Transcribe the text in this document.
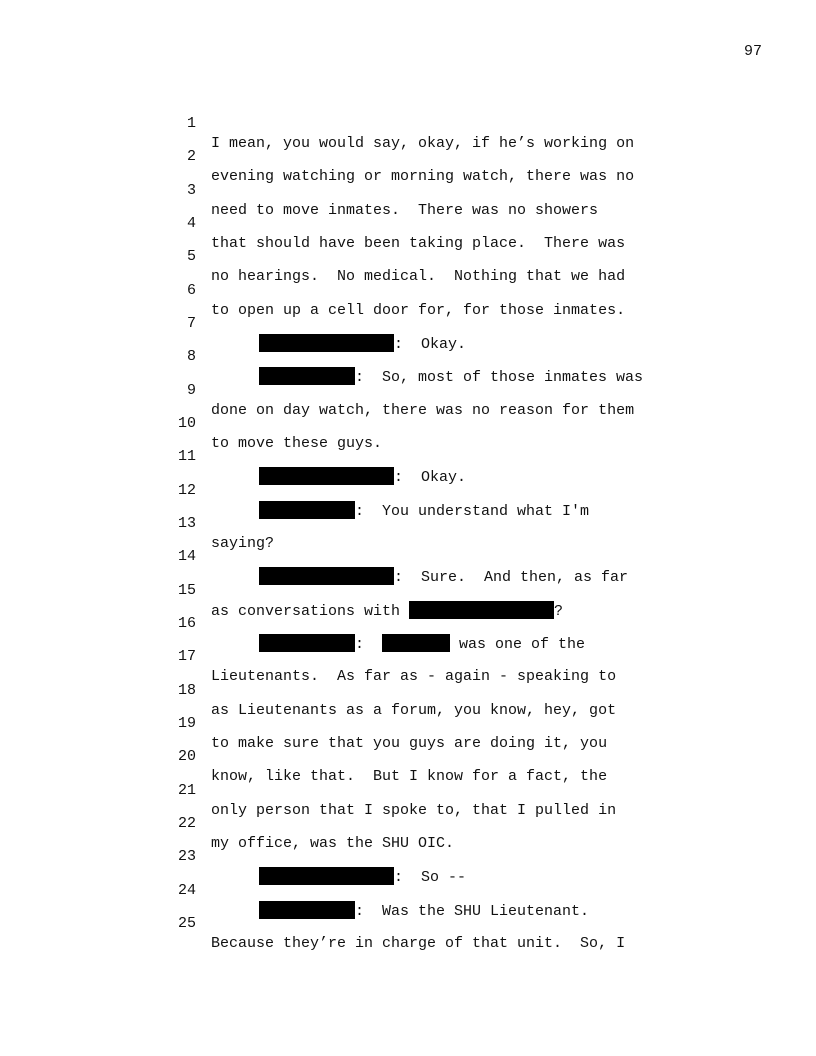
97

1

I mean, you would say, okay, if he’s working on

2

evening watching or morning watch, there was no

3

need to move inmates.  There was no showers

4

that should have been taking place.  There was

5

no hearings.  No medical.  Nothing that we had

6

to open up a cell door for, for those inmates.

7

:  Okay.

8

:  So, most of those inmates was

9

done on day watch, there was no reason for them

10

to move these guys.

11

:  Okay.

12

:  You understand what I'm

13

saying?

14

:  Sure.  And then, as far

15

as conversations with	?

16

:	was one of the

17

Lieutenants.  As far as - again - speaking to

18

as Lieutenants as a forum, you know, hey, got

19

to make sure that you guys are doing it, you

20

know, like that.  But I know for a fact, the

21

only person that I spoke to, that I pulled in

22

my office, was the SHU OIC.

23

:  So --

24

:  Was the SHU Lieutenant.

25

Because they’re in charge of that unit.  So, I
